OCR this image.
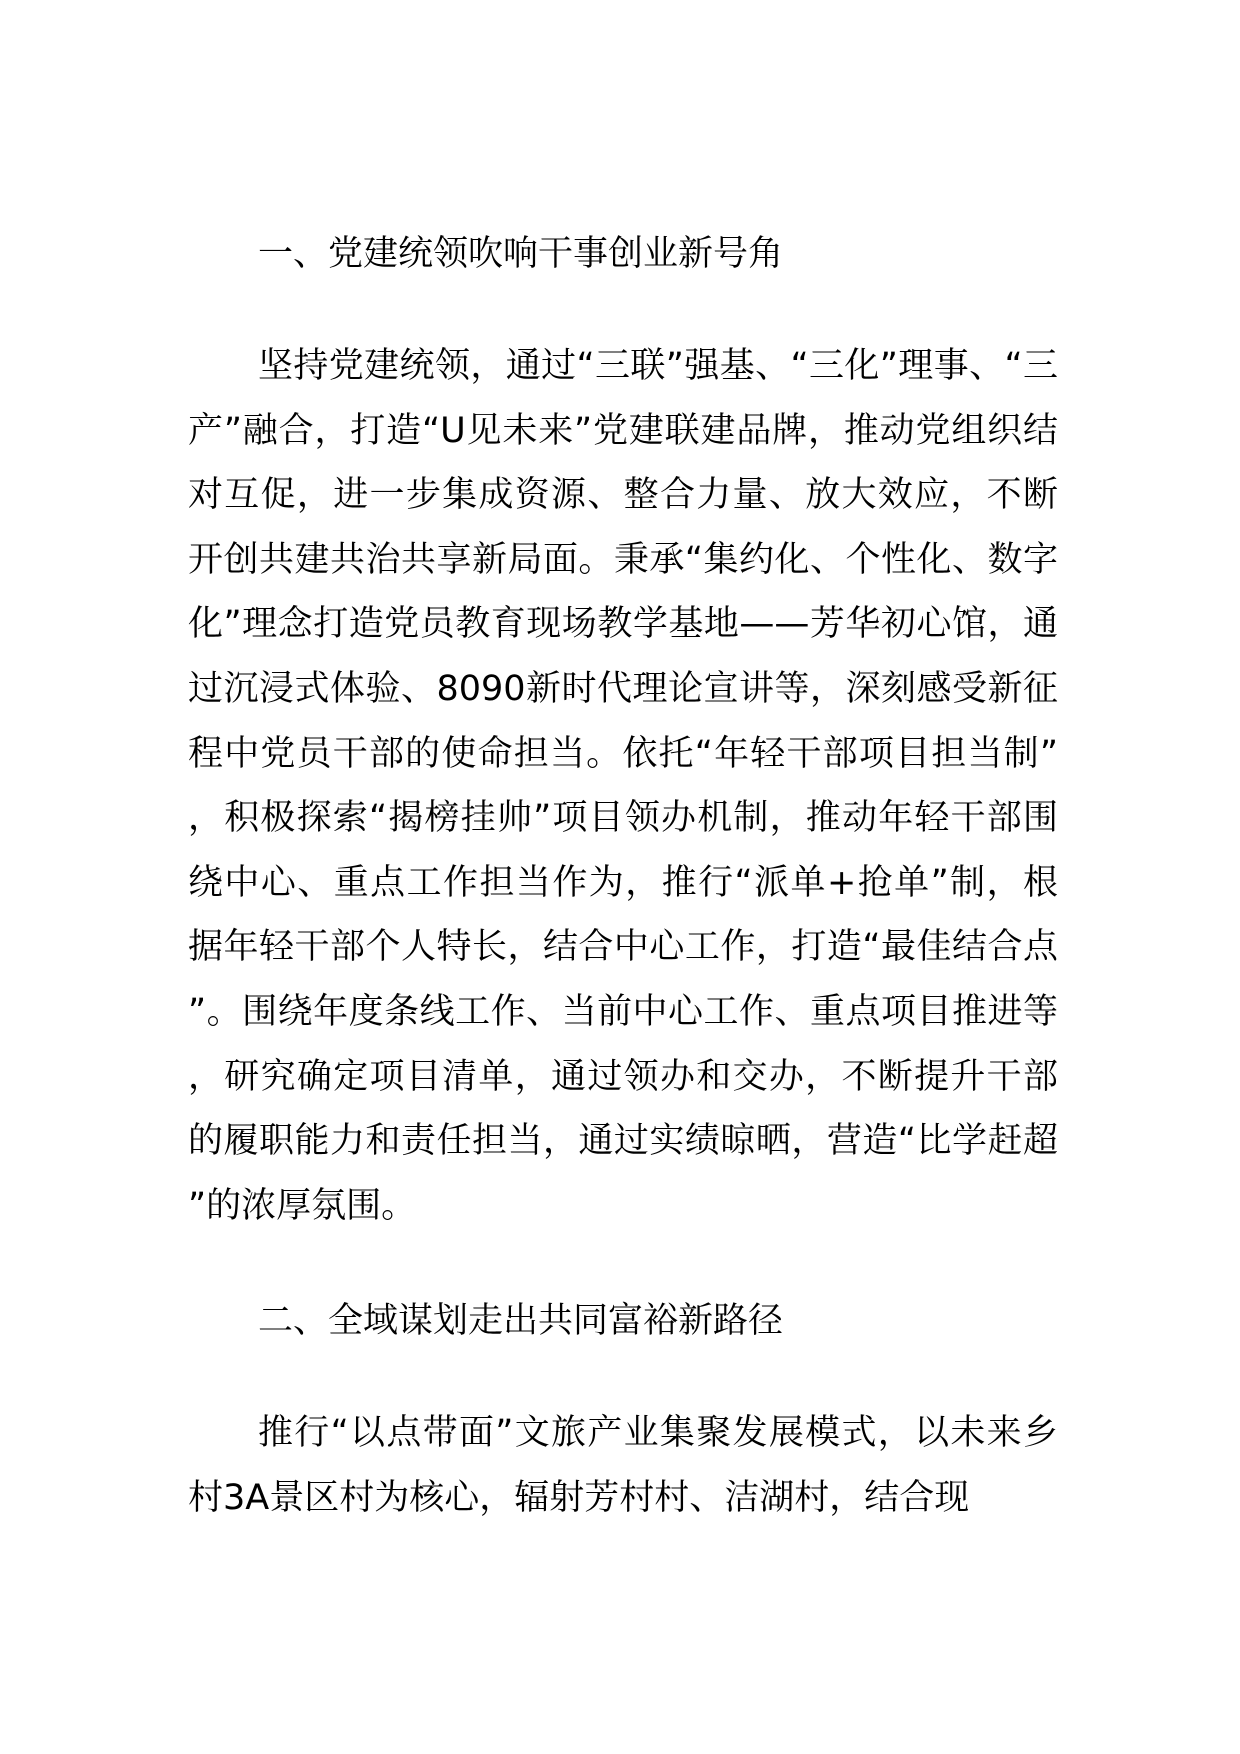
一、党建统领吹响干事创业新号角

坚持党建统领，通过“三联”强基、“三化”理事、“三产”融合，打造“U见未来”党建联建品牌，推动党组织结对互促，进一步集成资源、整合力量、放大效应，不断开创共建共治共享新局面。秉承“集约化、个性化、数字化”理念打造党员教育现场教学基地——芳华初心馆，通过沉浸式体验、8090新时代理论宣讲等，深刻感受新征程中党员干部的使命担当。依托“年轻干部项目担当制”，积极探索“揭榜挂帅”项目领办机制，推动年轻干部围绕中心、重点工作担当作为，推行“派单+抢单”制，根据年轻干部个人特长，结合中心工作，打造“最佳结合点”。围绕年度条线工作、当前中心工作、重点项目推进等，研究确定项目清单，通过领办和交办，不断提升干部的履职能力和责任担当，通过实绩晾晒，营造“比学赶超”的浓厚氛围。

二、全域谋划走出共同富裕新路径

推行“以点带面”文旅产业集聚发展模式，以未来乡村3A景区村为核心，辐射芳村村、洁湖村，结合现
